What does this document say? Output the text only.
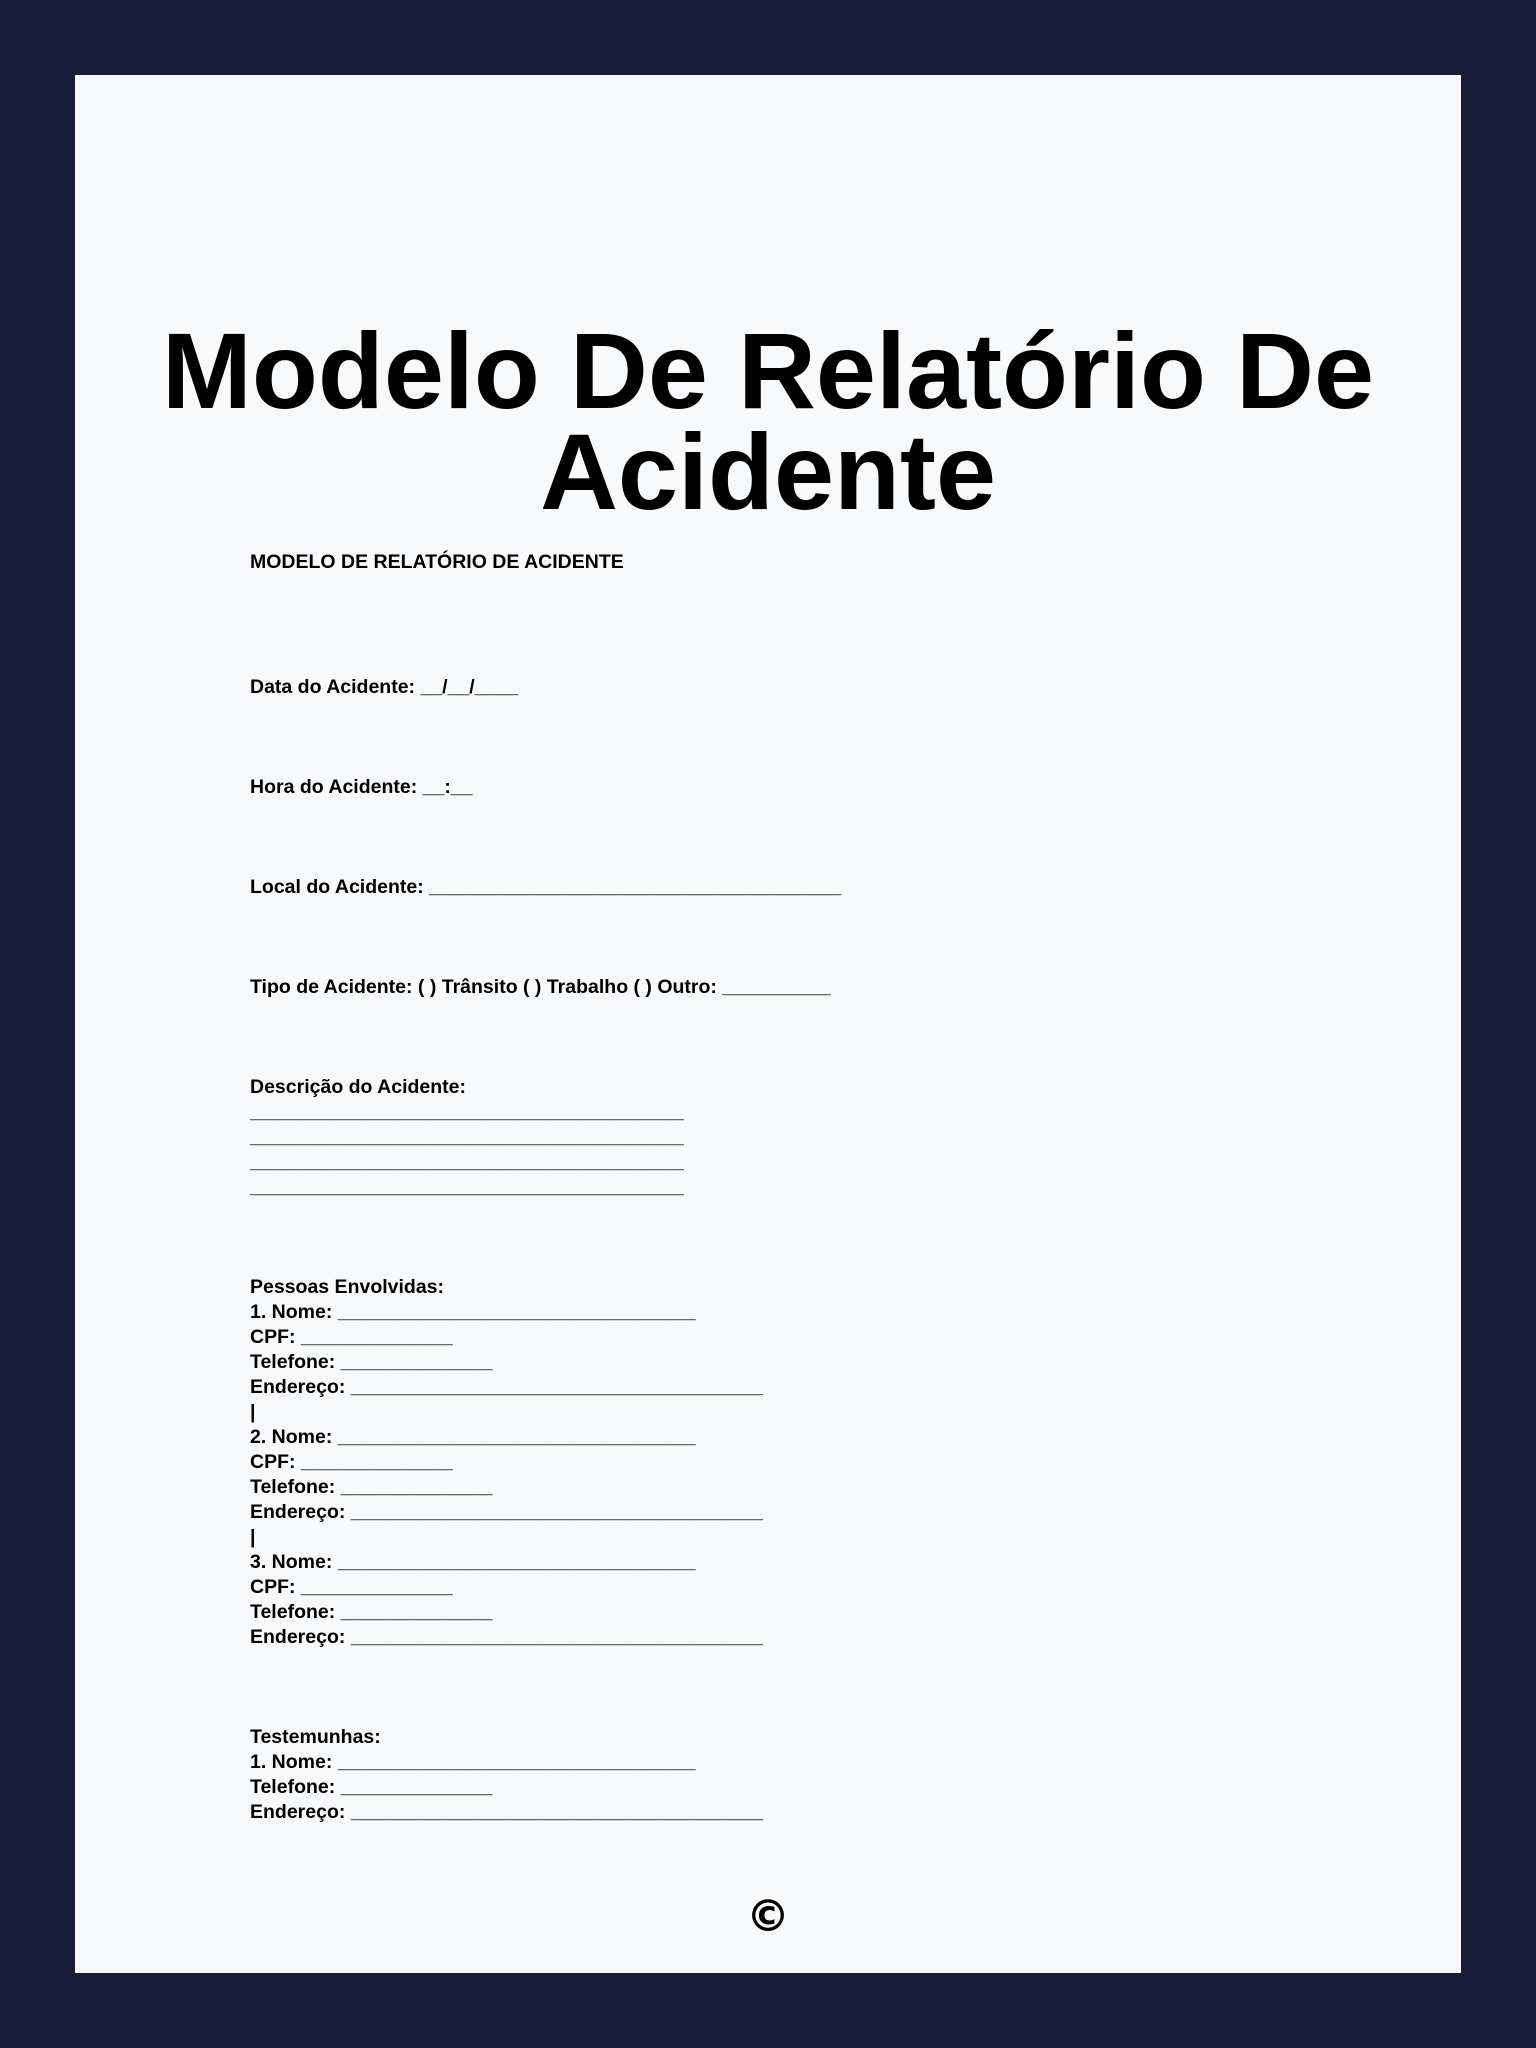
Modelo De Relatório De Acidente

MODELO DE RELATÓRIO DE ACIDENTE

Data do Acidente: __/__/____

Hora do Acidente: __:__

Local do Acidente: ______________________________________

Tipo de Acidente: ( ) Trânsito ( ) Trabalho ( ) Outro: __________

Descrição do Acidente:

________________________________________

________________________________________

________________________________________

________________________________________

Pessoas Envolvidas:

1. Nome: _________________________________

CPF: ______________

Telefone: ______________

Endereço: ______________________________________

|

2. Nome: _________________________________

CPF: ______________

Telefone: ______________

Endereço: ______________________________________

|

3. Nome: _________________________________

CPF: ______________

Telefone: ______________

Endereço: ______________________________________

Testemunhas:

1. Nome: _________________________________

Telefone: ______________

Endereço: ______________________________________

©
